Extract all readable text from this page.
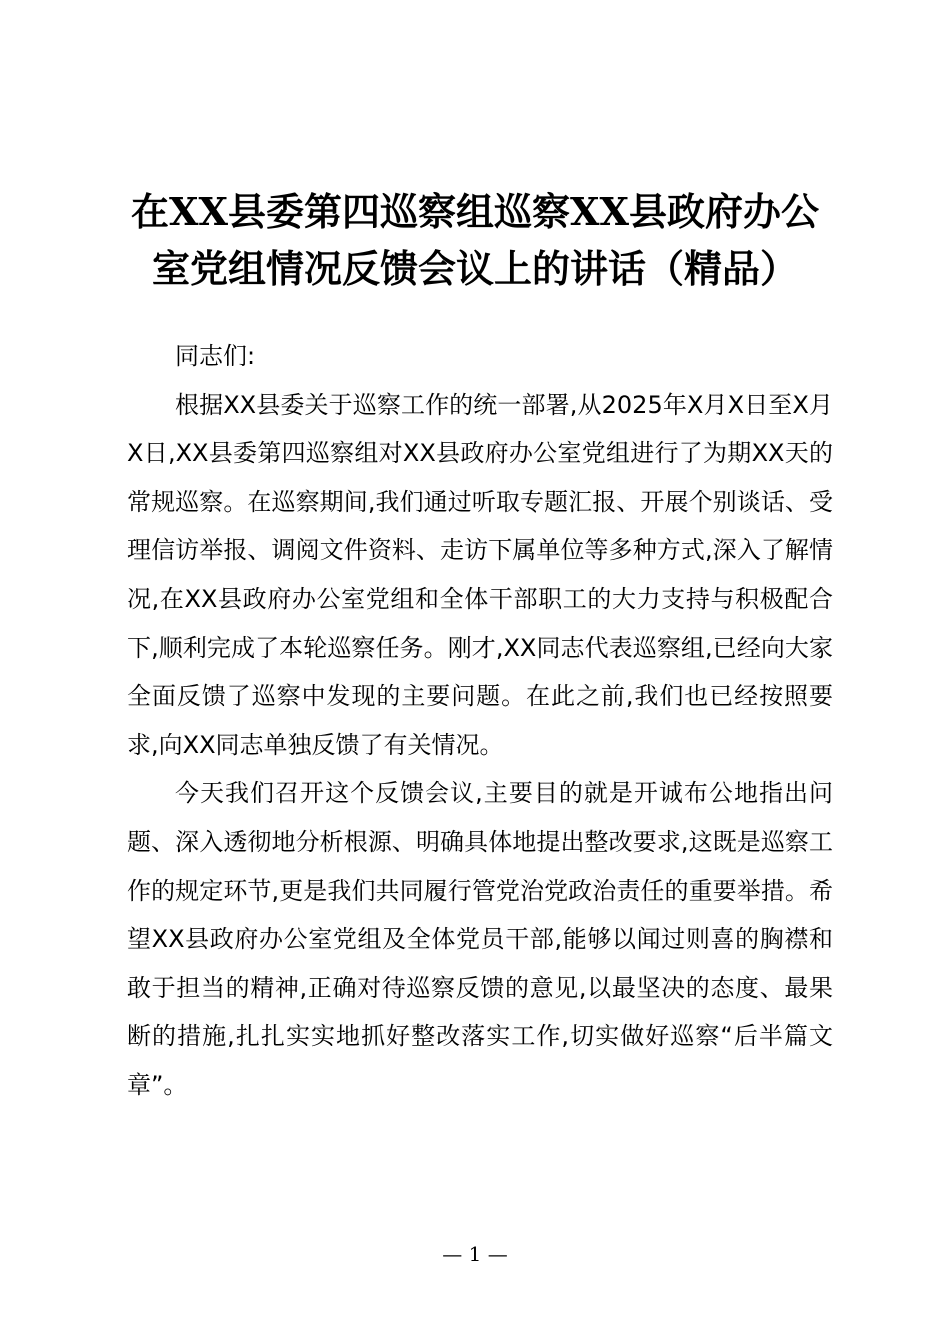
在XX县委第四巡察组巡察XX县政府办公室党组情况反馈会议上的讲话（精品）

同志们:

根据XX县委关于巡察工作的统一部署,从2025年X月X日至X月X日,XX县委第四巡察组对XX县政府办公室党组进行了为期XX天的常规巡察。在巡察期间,我们通过听取专题汇报、开展个别谈话、受理信访举报、调阅文件资料、走访下属单位等多种方式,深入了解情况,在XX县政府办公室党组和全体干部职工的大力支持与积极配合下,顺利完成了本轮巡察任务。刚才,XX同志代表巡察组,已经向大家全面反馈了巡察中发现的主要问题。在此之前,我们也已经按照要求,向XX同志单独反馈了有关情况。

今天我们召开这个反馈会议,主要目的就是开诚布公地指出问题、深入透彻地分析根源、明确具体地提出整改要求,这既是巡察工作的规定环节,更是我们共同履行管党治党政治责任的重要举措。希望XX县政府办公室党组及全体党员干部,能够以闻过则喜的胸襟和敢于担当的精神,正确对待巡察反馈的意见,以最坚决的态度、最果断的措施,扎扎实实地抓好整改落实工作,切实做好巡察“后半篇文章”。

— 1 —
